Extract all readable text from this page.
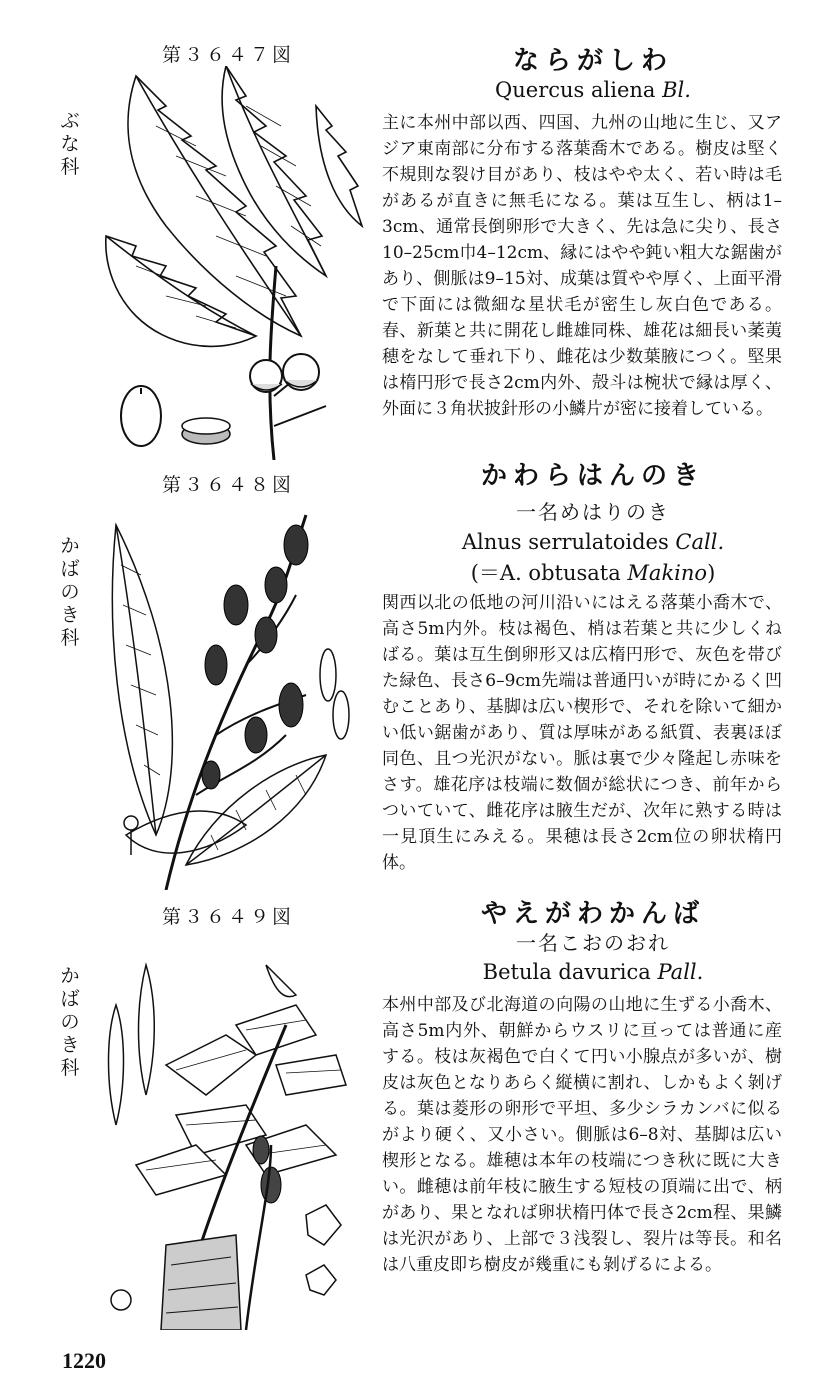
第３６４７図
ぶな科
ならがしわ
Quercus aliena Bl.
主に本州中部以西、四国、九州の山地に生じ、又アジア東南部に分布する落葉喬木である。樹皮は堅く不規則な裂け目があり、枝はやや太く、若い時は毛があるが直きに無毛になる。葉は互生し、柄は1–3cm、通常長倒卵形で大きく、先は急に尖り、長さ10–25cm巾4–12cm、縁にはやや鈍い粗大な鋸歯があり、側脈は9–15対、成葉は質やや厚く、上面平滑で下面には微細な星状毛が密生し灰白色である。春、新葉と共に開花し雌雄同株、雄花は細長い葇荑穂をなして垂れ下り、雌花は少数葉腋につく。堅果は楕円形で長さ2cm内外、殻斗は椀状で縁は厚く、外面に３角状披針形の小鱗片が密に接着している。
第３６４８図
かばのき科
かわらはんのき
一名めはりのき
Alnus serrulatoides Call.
(＝A. obtusata Makino)
関西以北の低地の河川沿いにはえる落葉小喬木で、高さ5m内外。枝は褐色、梢は若葉と共に少しくねばる。葉は互生倒卵形又は広楕円形で、灰色を帯びた緑色、長さ6–9cm先端は普通円いが時にかるく凹むことあり、基脚は広い楔形で、それを除いて細かい低い鋸歯があり、質は厚味がある紙質、表裏ほぼ同色、且つ光沢がない。脈は裏で少々隆起し赤味をさす。雄花序は枝端に数個が総状につき、前年からついていて、雌花序は腋生だが、次年に熟する時は一見頂生にみえる。果穂は長さ2cm位の卵状楕円体。
第３６４９図
かばのき科
やえがわかんば
一名こおのおれ
Betula davurica Pall.
本州中部及び北海道の向陽の山地に生ずる小喬木、高さ5m内外、朝鮮からウスリに亘っては普通に産する。枝は灰褐色で白くて円い小腺点が多いが、樹皮は灰色となりあらく縦横に割れ、しかもよく剝げる。葉は菱形の卵形で平坦、多少シラカンバに似るがより硬く、又小さい。側脈は6–8対、基脚は広い楔形となる。雄穂は本年の枝端につき秋に既に大きい。雌穂は前年枝に腋生する短枝の頂端に出で、柄があり、果となれば卵状楕円体で長さ2cm程、果鱗は光沢があり、上部で３浅裂し、裂片は等長。和名は八重皮即ち樹皮が幾重にも剝げるによる。
1220
